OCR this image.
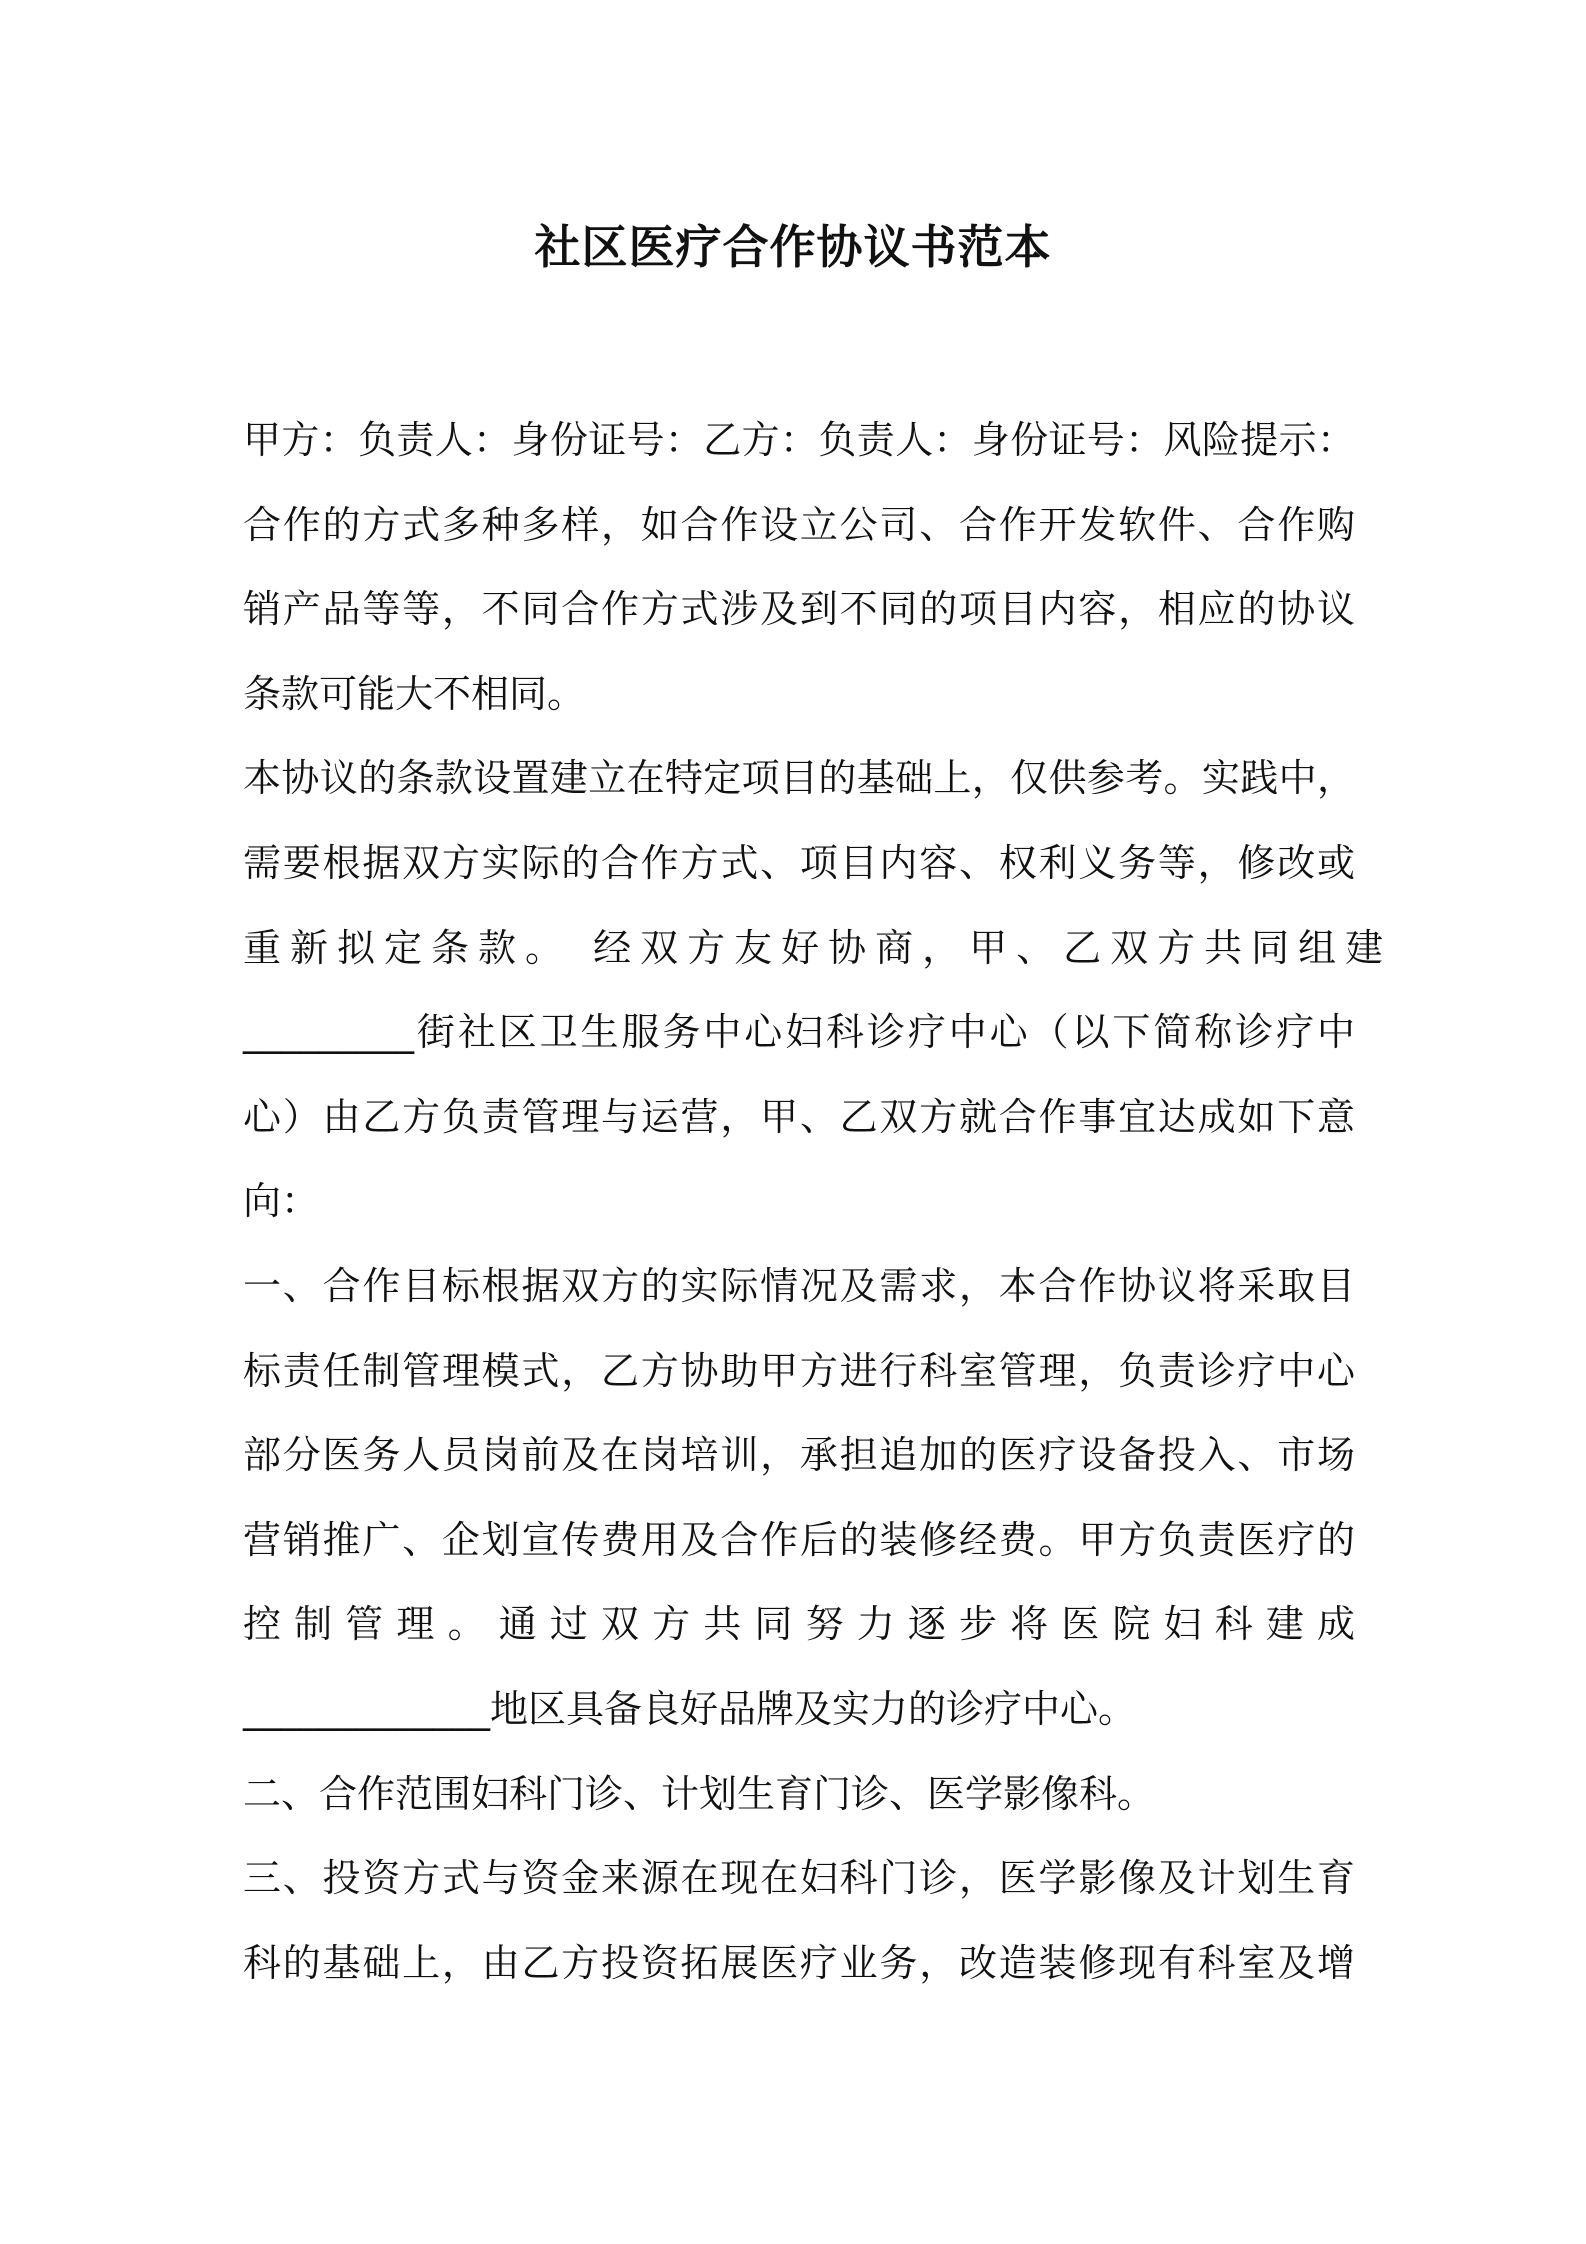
社区医疗合作协议书范本
甲方：负责人：身份证号：乙方：负责人：身份证号：风险提示：
合作的方式多种多样，如合作设立公司、合作开发软件、合作购
销产品等等，不同合作方式涉及到不同的项目内容，相应的协议
条款可能大不相同。
本协议的条款设置建立在特定项目的基础上，仅供参考。实践中，
需要根据双方实际的合作方式、项目内容、权利义务等，修改或
重新拟定条款。 经双方友好协商，甲、乙双方共同组建
_________街社区卫生服务中心妇科诊疗中心（以下简称诊疗中
心）由乙方负责管理与运营，甲、乙双方就合作事宜达成如下意
向：
一、合作目标根据双方的实际情况及需求，本合作协议将采取目
标责任制管理模式，乙方协助甲方进行科室管理，负责诊疗中心
部分医务人员岗前及在岗培训，承担追加的医疗设备投入、市场
营销推广、企划宣传费用及合作后的装修经费。甲方负责医疗的
控制管理。通过双方共同努力逐步将医院妇科建成
_____________地区具备良好品牌及实力的诊疗中心。
二、合作范围妇科门诊、计划生育门诊、医学影像科。
三、投资方式与资金来源在现在妇科门诊，医学影像及计划生育
科的基础上，由乙方投资拓展医疗业务，改造装修现有科室及增
